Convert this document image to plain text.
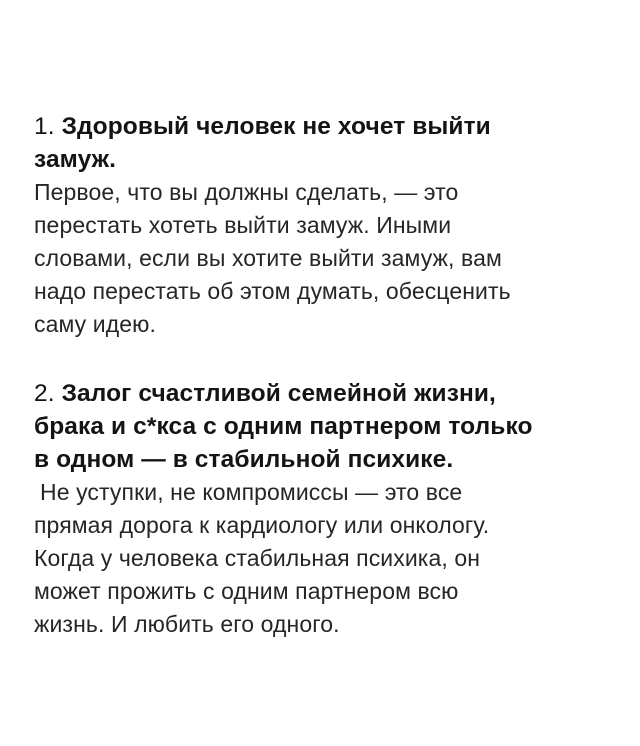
1. Здоровый человек не хочет выйти
замуж.

Первое, что вы должны сделать, — это
перестать хотеть выйти замуж. Иными
словами, если вы хотите выйти замуж, вам
надо перестать об этом думать, обесценить
саму идею.

2. Залог счастливой семейной жизни,
брака и с*кса с одним партнером только
в одном — в стабильной психике.

Не уступки, не компромиссы — это все
прямая дорога к кардиологу или онкологу.
Когда у человека стабильная психика, он
может прожить с одним партнером всю
жизнь. И любить его одного.
